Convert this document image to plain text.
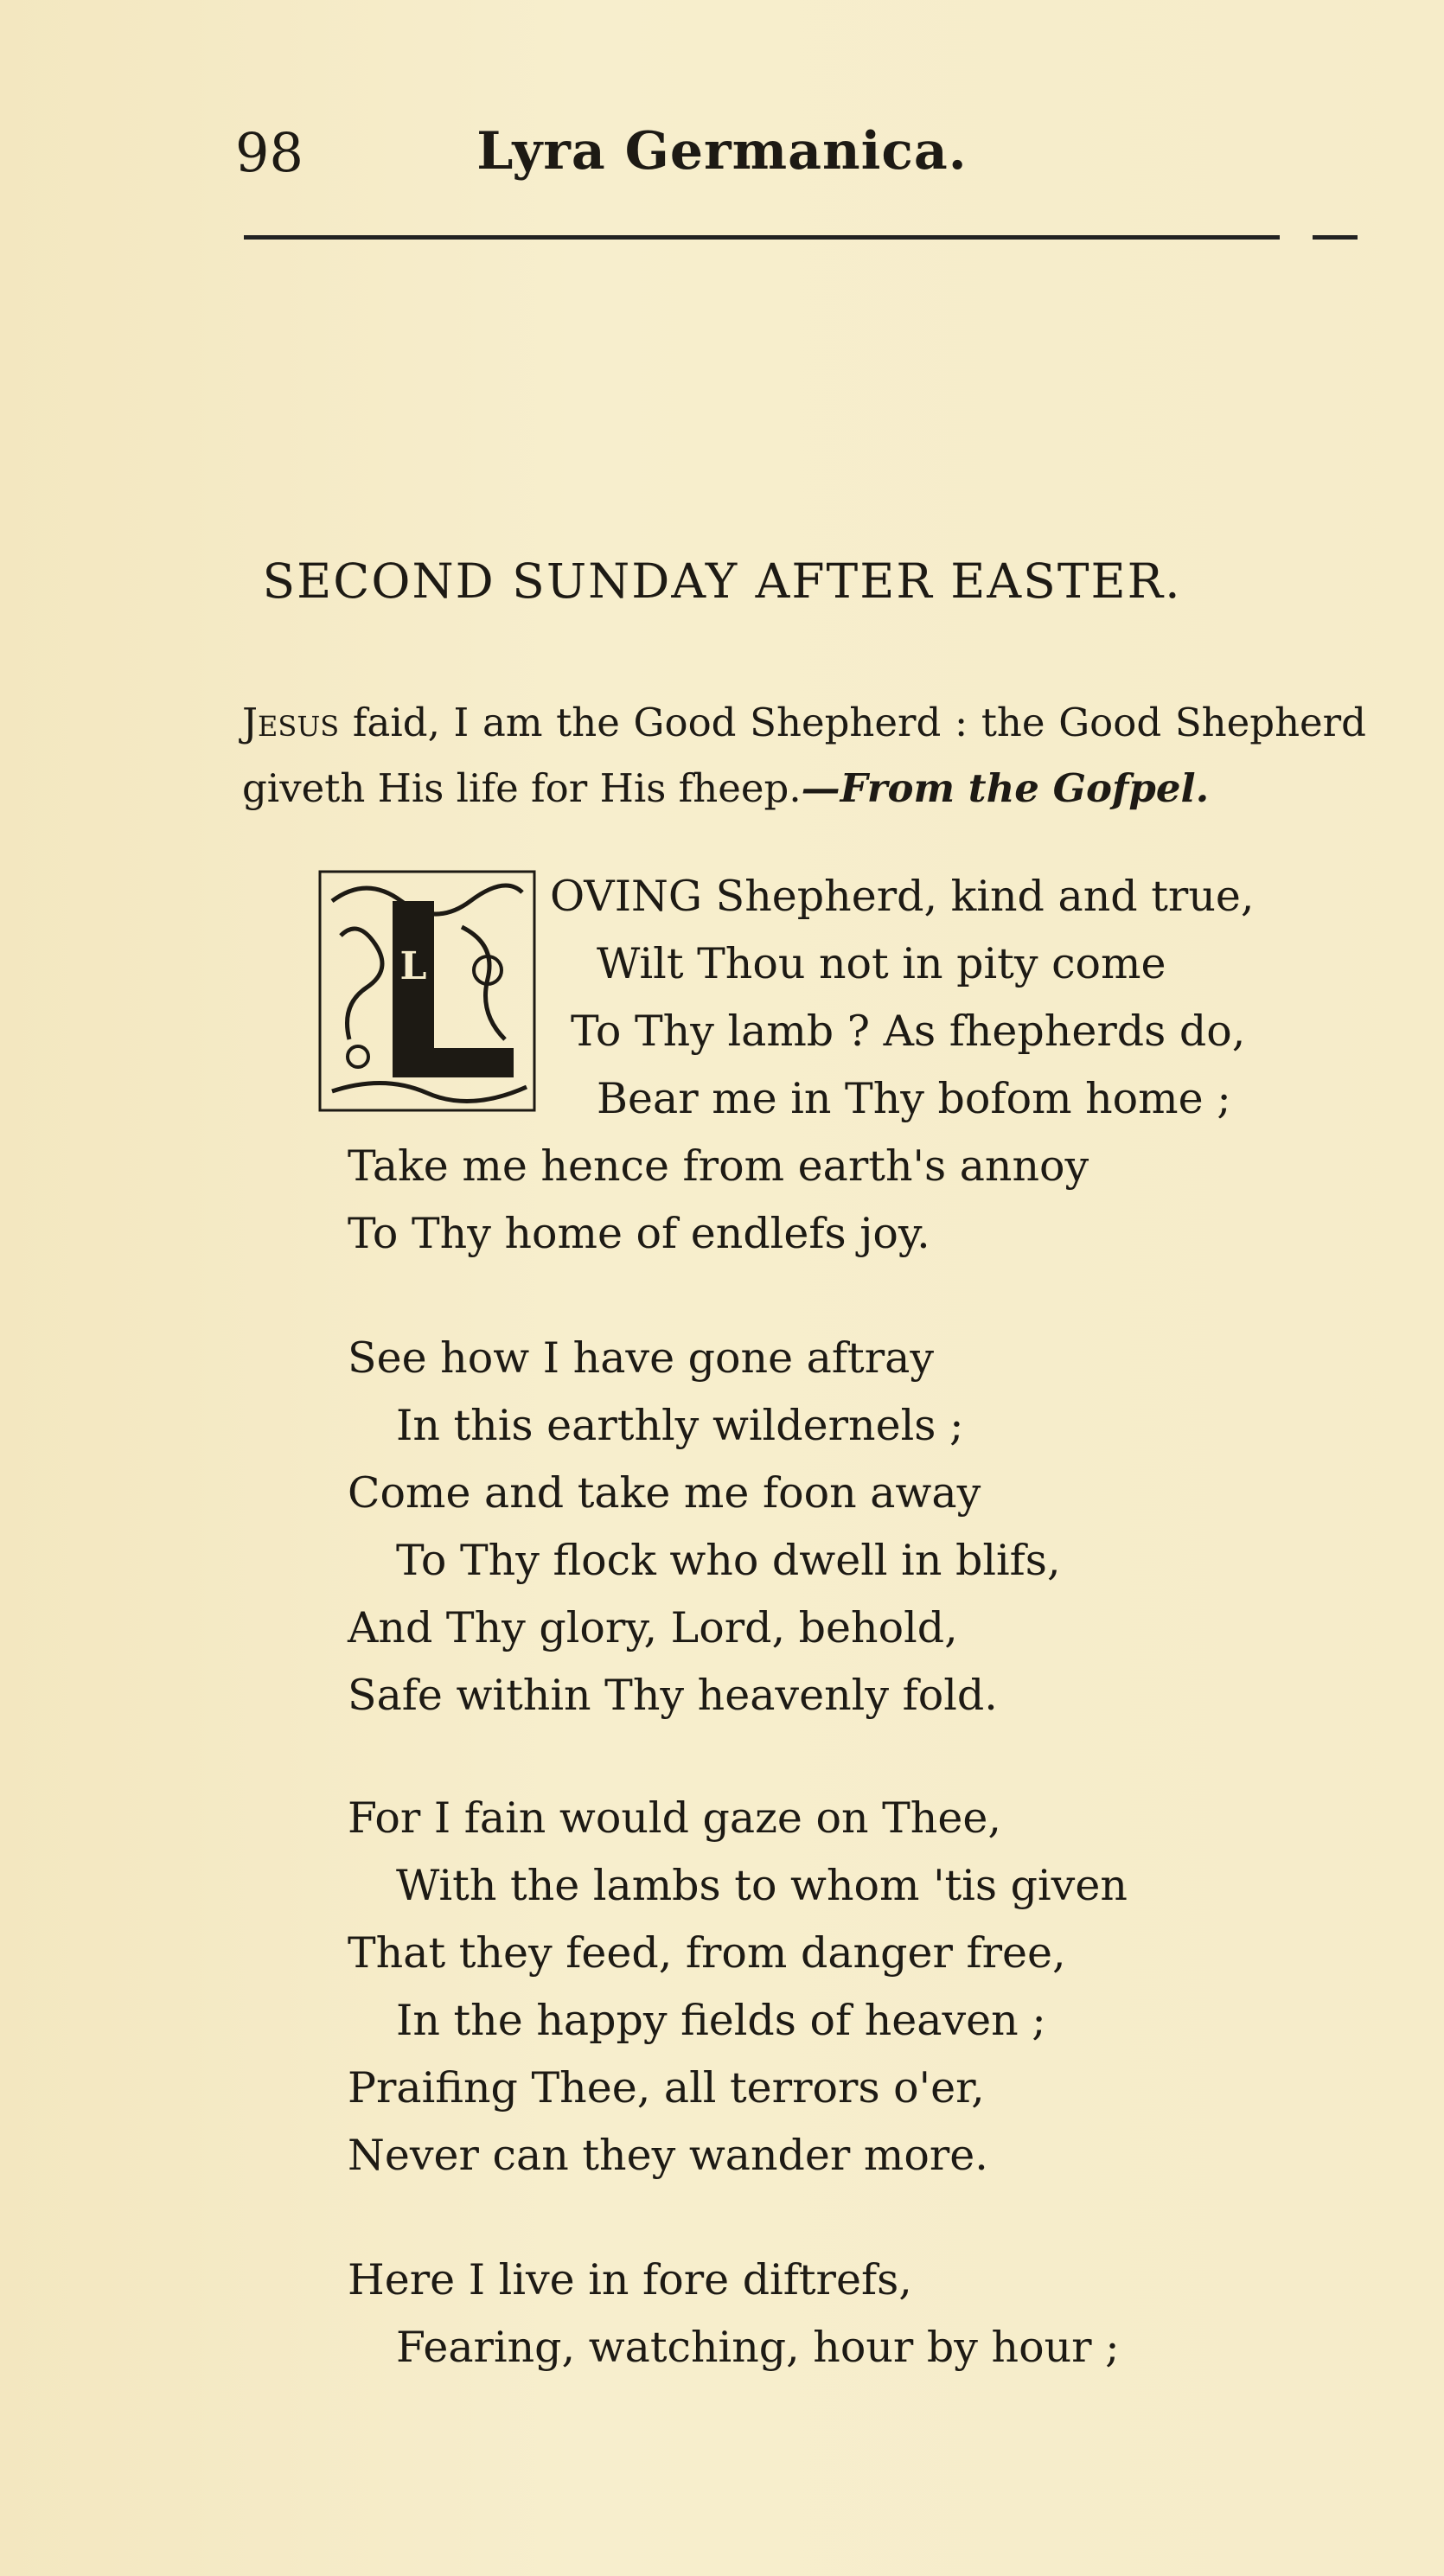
98	Lyra Germanica.
SECOND SUNDAY AFTER EASTER.
Jesus faid, I am the Good Shepherd : the Good Shepherd giveth His life for His fheep.—From the Gofpel.
L
OVING Shepherd, kind and true,
Wilt Thou not in pity come
To Thy lamb ? As fhepherds do,
Bear me in Thy bofom home ;
Take me hence from earth's annoy
To Thy home of endlefs joy.
See how I have gone aftray
In this earthly wildernels ;
Come and take me foon away
To Thy flock who dwell in blifs,
And Thy glory, Lord, behold,
Safe within Thy heavenly fold.
For I fain would gaze on Thee,
With the lambs to whom 'tis given
That they feed, from danger free,
In the happy fields of heaven ;
Praifing Thee, all terrors o'er,
Never can they wander more.
Here I live in fore diftrefs,
Fearing, watching, hour by hour ;
